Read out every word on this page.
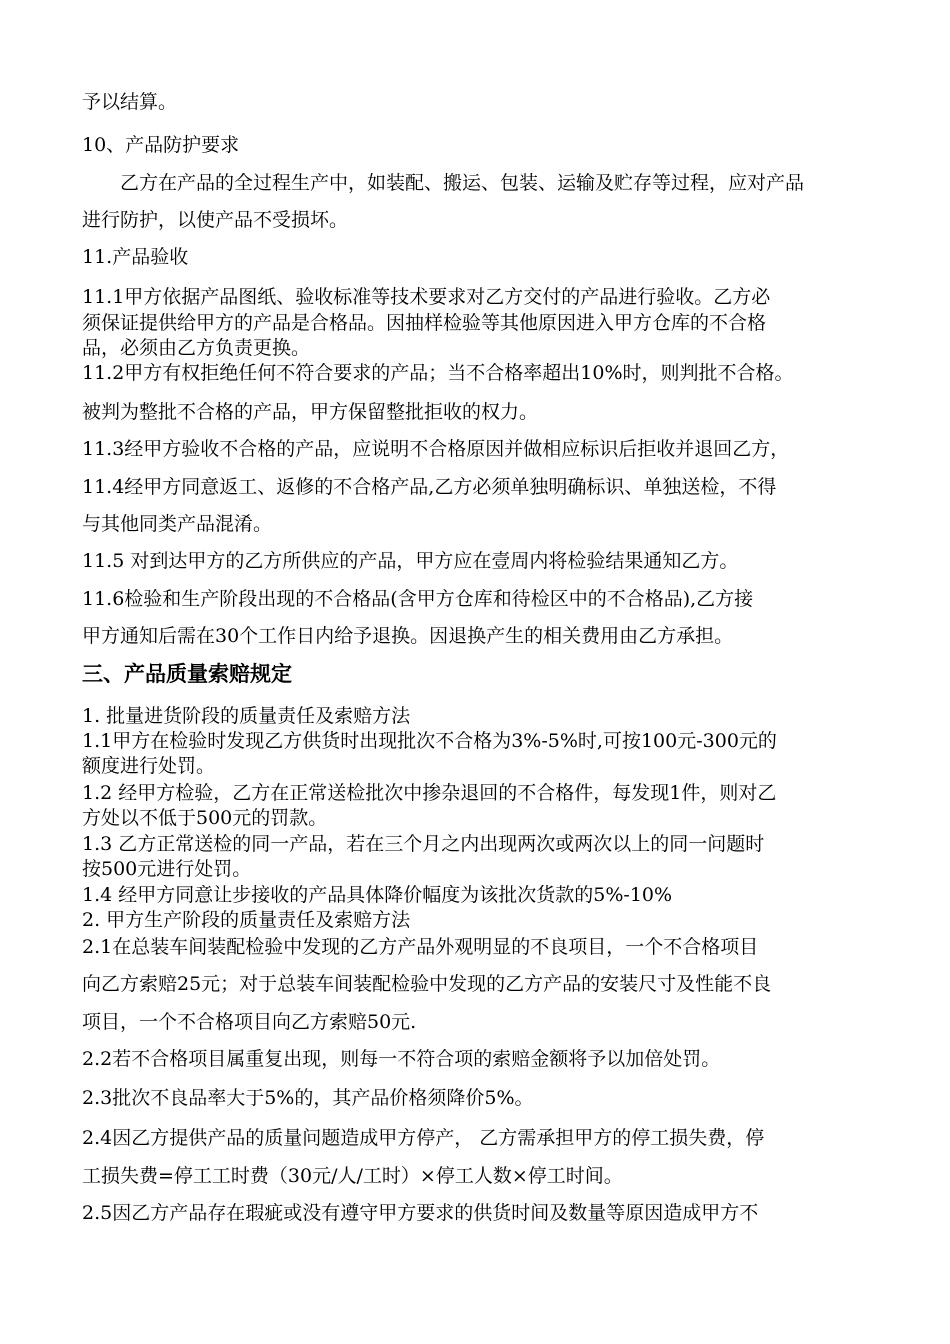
予以结算。
10、产品防护要求
乙方在产品的全过程生产中，如装配、搬运、包装、运输及贮存等过程，应对产品
进行防护，以使产品不受损坏。
11.产品验收
11.1甲方依据产品图纸、验收标准等技术要求对乙方交付的产品进行验收。乙方必
须保证提供给甲方的产品是合格品。因抽样检验等其他原因进入甲方仓库的不合格
品，必须由乙方负责更换。
11.2甲方有权拒绝任何不符合要求的产品；当不合格率超出10%时，则判批不合格。
被判为整批不合格的产品，甲方保留整批拒收的权力。
11.3经甲方验收不合格的产品，应说明不合格原因并做相应标识后拒收并退回乙方，
11.4经甲方同意返工、返修的不合格产品,乙方必须单独明确标识、单独送检，不得
与其他同类产品混淆。
11.5 对到达甲方的乙方所供应的产品，甲方应在壹周内将检验结果通知乙方。
11.6检验和生产阶段出现的不合格品(含甲方仓库和待检区中的不合格品),乙方接
甲方通知后需在30个工作日内给予退换。因退换产生的相关费用由乙方承担。
三、产品质量索赔规定
1. 批量进货阶段的质量责任及索赔方法
1.1甲方在检验时发现乙方供货时出现批次不合格为3%-5%时,可按100元-300元的
额度进行处罚。
1.2 经甲方检验，乙方在正常送检批次中掺杂退回的不合格件，每发现1件，则对乙
方处以不低于500元的罚款。
1.3 乙方正常送检的同一产品，若在三个月之内出现两次或两次以上的同一问题时
按500元进行处罚。
1.4 经甲方同意让步接收的产品具体降价幅度为该批次货款的5%-10%
2. 甲方生产阶段的质量责任及索赔方法
2.1在总装车间装配检验中发现的乙方产品外观明显的不良项目，一个不合格项目
向乙方索赔25元；对于总装车间装配检验中发现的乙方产品的安装尺寸及性能不良
项目，一个不合格项目向乙方索赔50元.
2.2若不合格项目属重复出现，则每一不符合项的索赔金额将予以加倍处罚。
2.3批次不良品率大于5%的，其产品价格须降价5%。
2.4因乙方提供产品的质量问题造成甲方停产， 乙方需承担甲方的停工损失费，停
工损失费=停工工时费（30元/人/工时）×停工人数×停工时间。
2.5因乙方产品存在瑕疵或没有遵守甲方要求的供货时间及数量等原因造成甲方不
